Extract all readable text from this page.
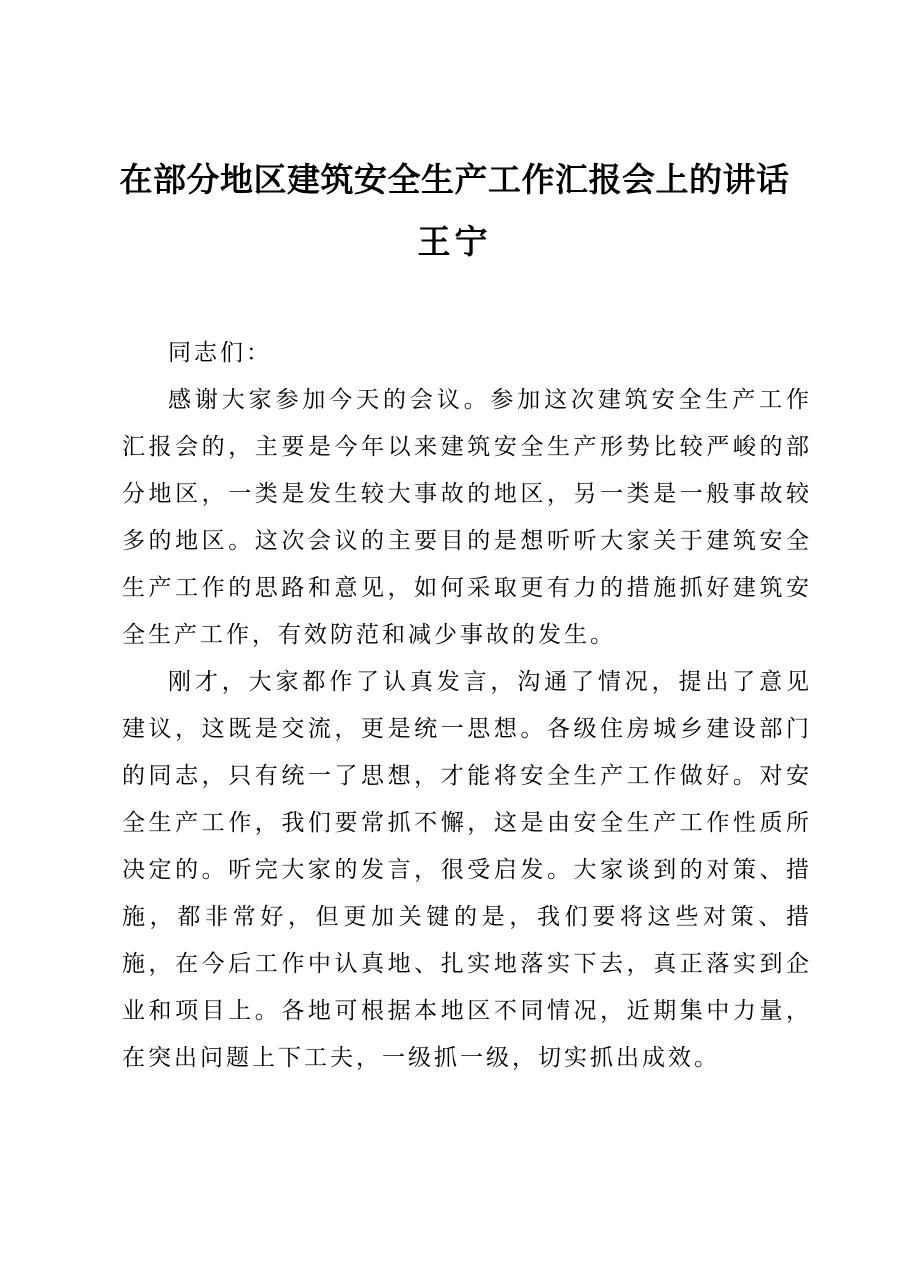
在部分地区建筑安全生产工作汇报会上的讲话
王宁

同志们：

感谢大家参加今天的会议。参加这次建筑安全生产工作汇报会的，主要是今年以来建筑安全生产形势比较严峻的部分地区，一类是发生较大事故的地区，另一类是一般事故较多的地区。这次会议的主要目的是想听听大家关于建筑安全生产工作的思路和意见，如何采取更有力的措施抓好建筑安全生产工作，有效防范和减少事故的发生。

刚才，大家都作了认真发言，沟通了情况，提出了意见建议，这既是交流，更是统一思想。各级住房城乡建设部门的同志，只有统一了思想，才能将安全生产工作做好。对安全生产工作，我们要常抓不懈，这是由安全生产工作性质所决定的。听完大家的发言，很受启发。大家谈到的对策、措施，都非常好，但更加关键的是，我们要将这些对策、措施，在今后工作中认真地、扎实地落实下去，真正落实到企业和项目上。各地可根据本地区不同情况，近期集中力量，在突出问题上下工夫，一级抓一级，切实抓出成效。
